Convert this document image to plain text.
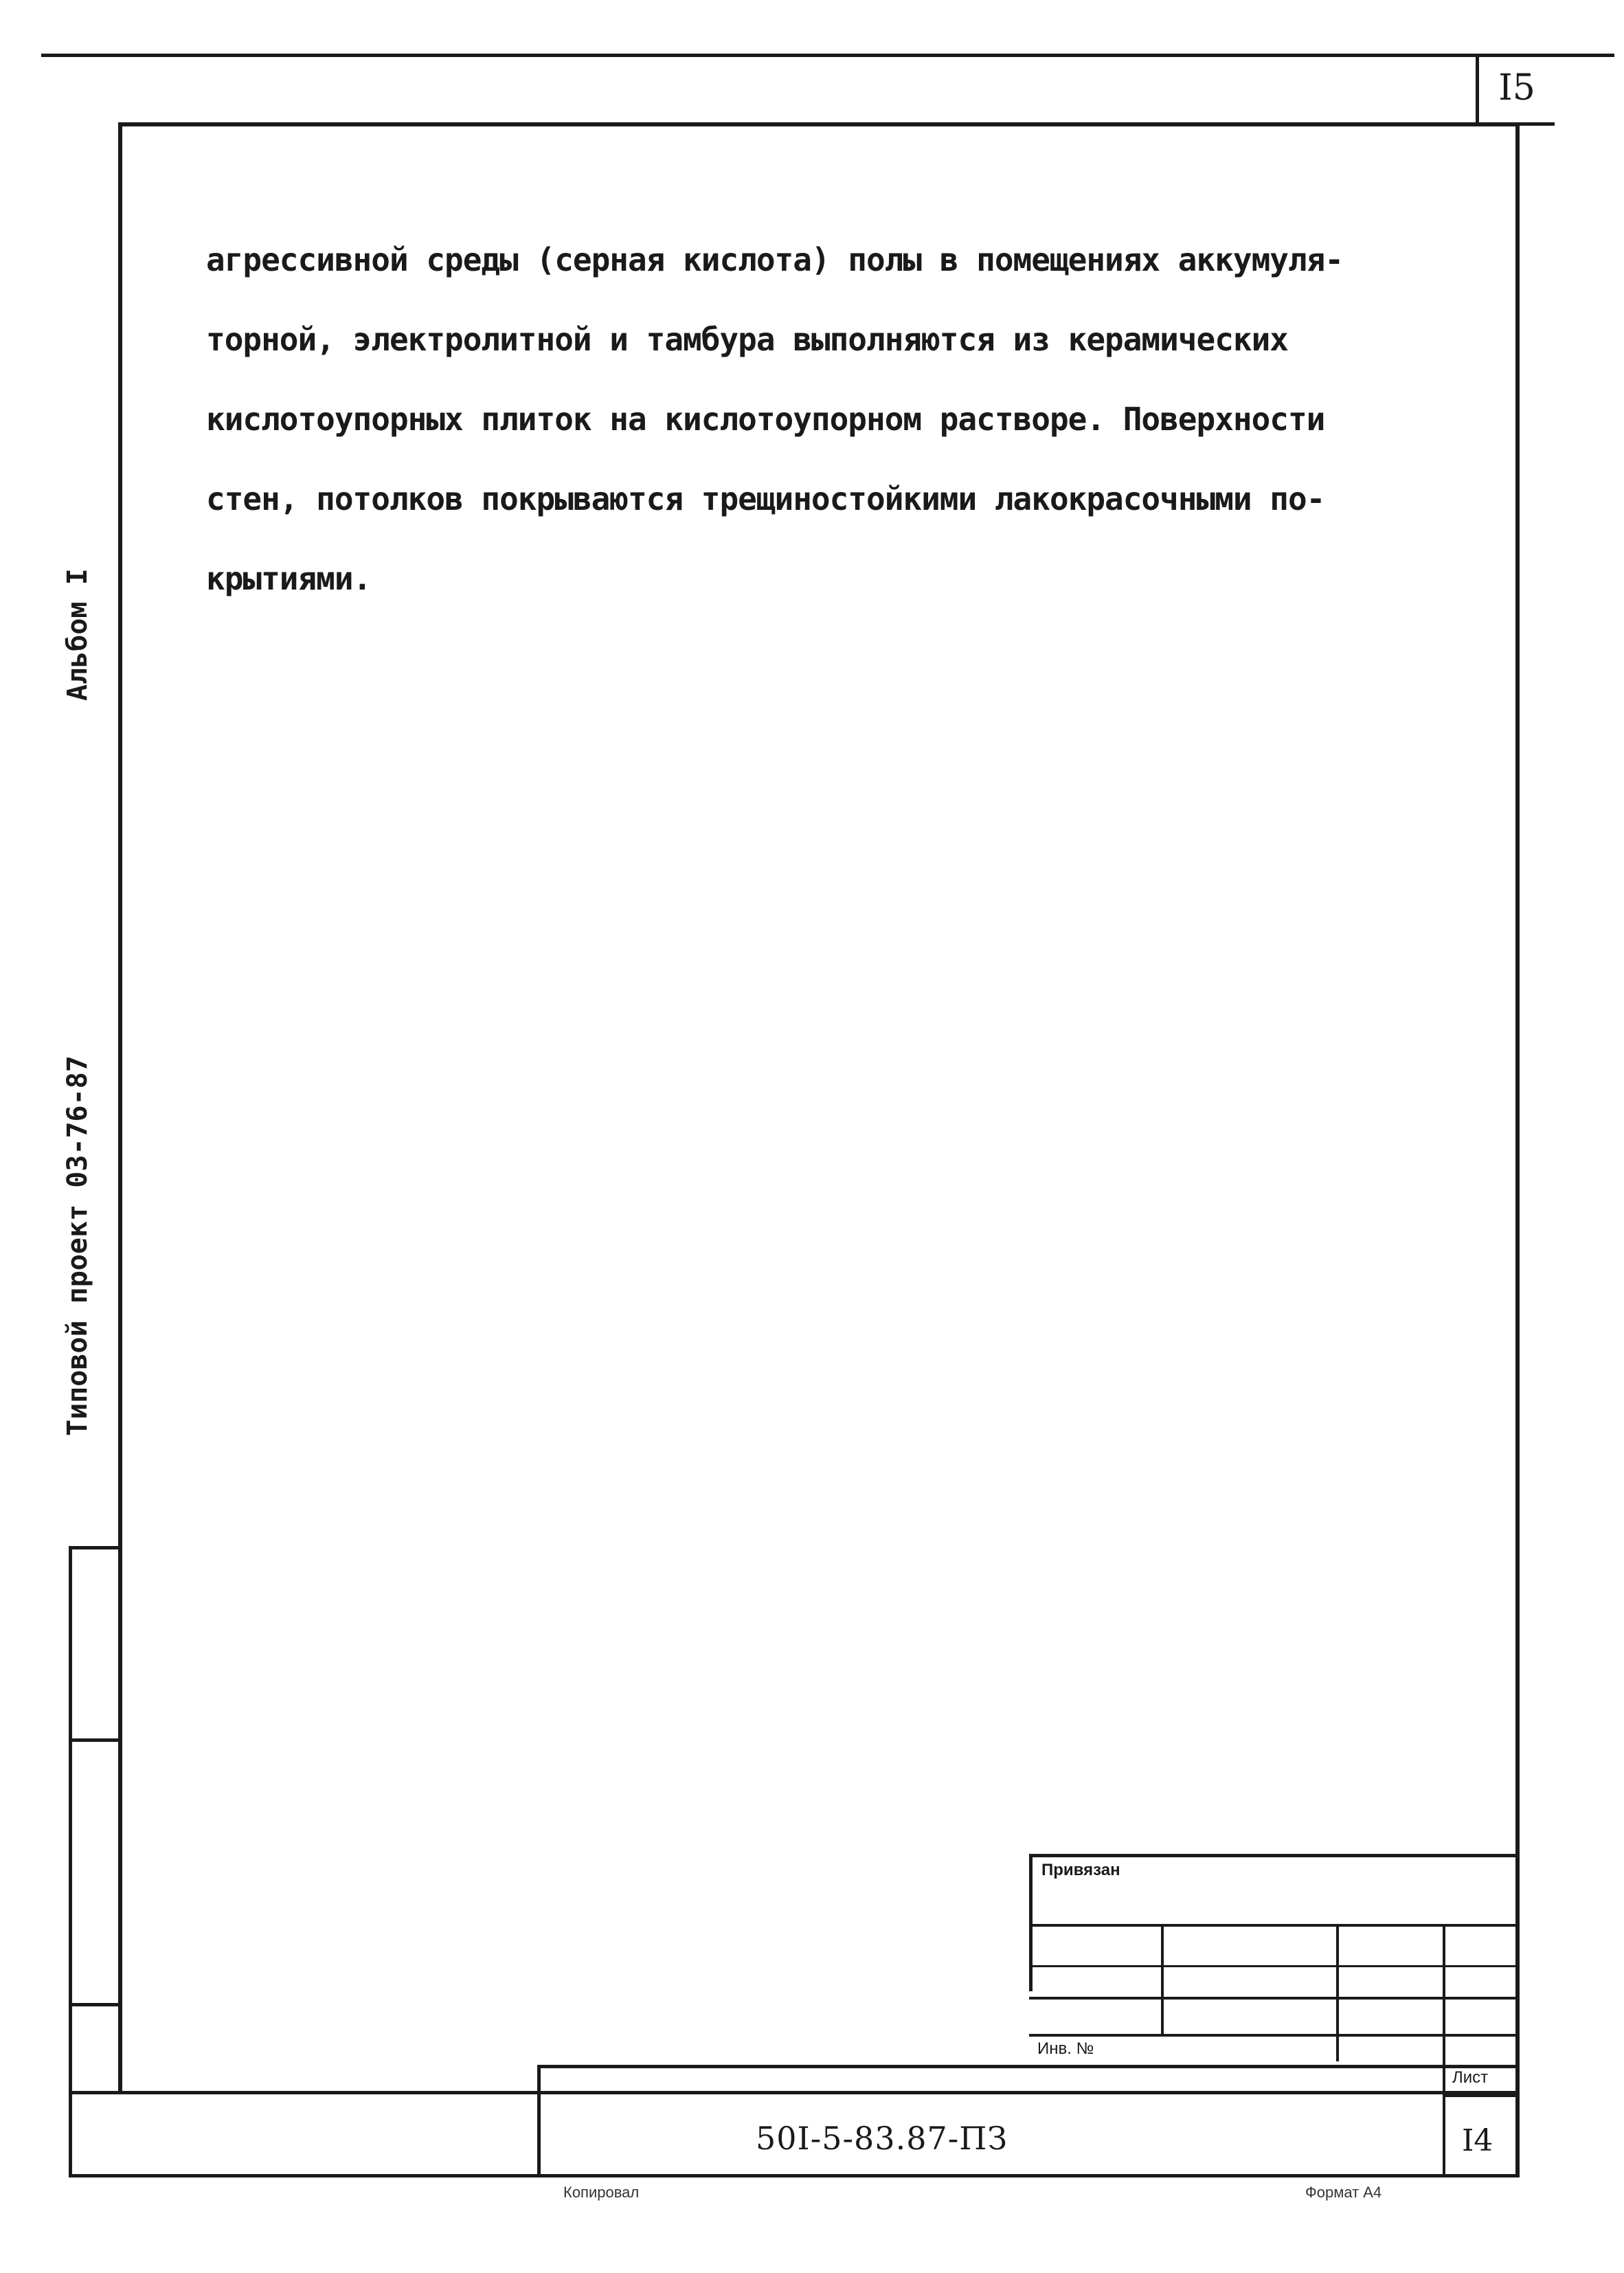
I5
агрессивной среды (серная кислота) полы в помещениях аккумуля-
торной, электролитной и тамбура выполняются из керамических
кислотоупорных плиток на кислотоупорном растворе. Поверхности
стен, потолков покрываются трещиностойкими лакокрасочными по-
крытиями.
Альбом I
Типовой проект 03-76-87
Привязан
Инв. №
50I-5-83.87-ПЗ
Лист
I4
Копировал	Формат А4
